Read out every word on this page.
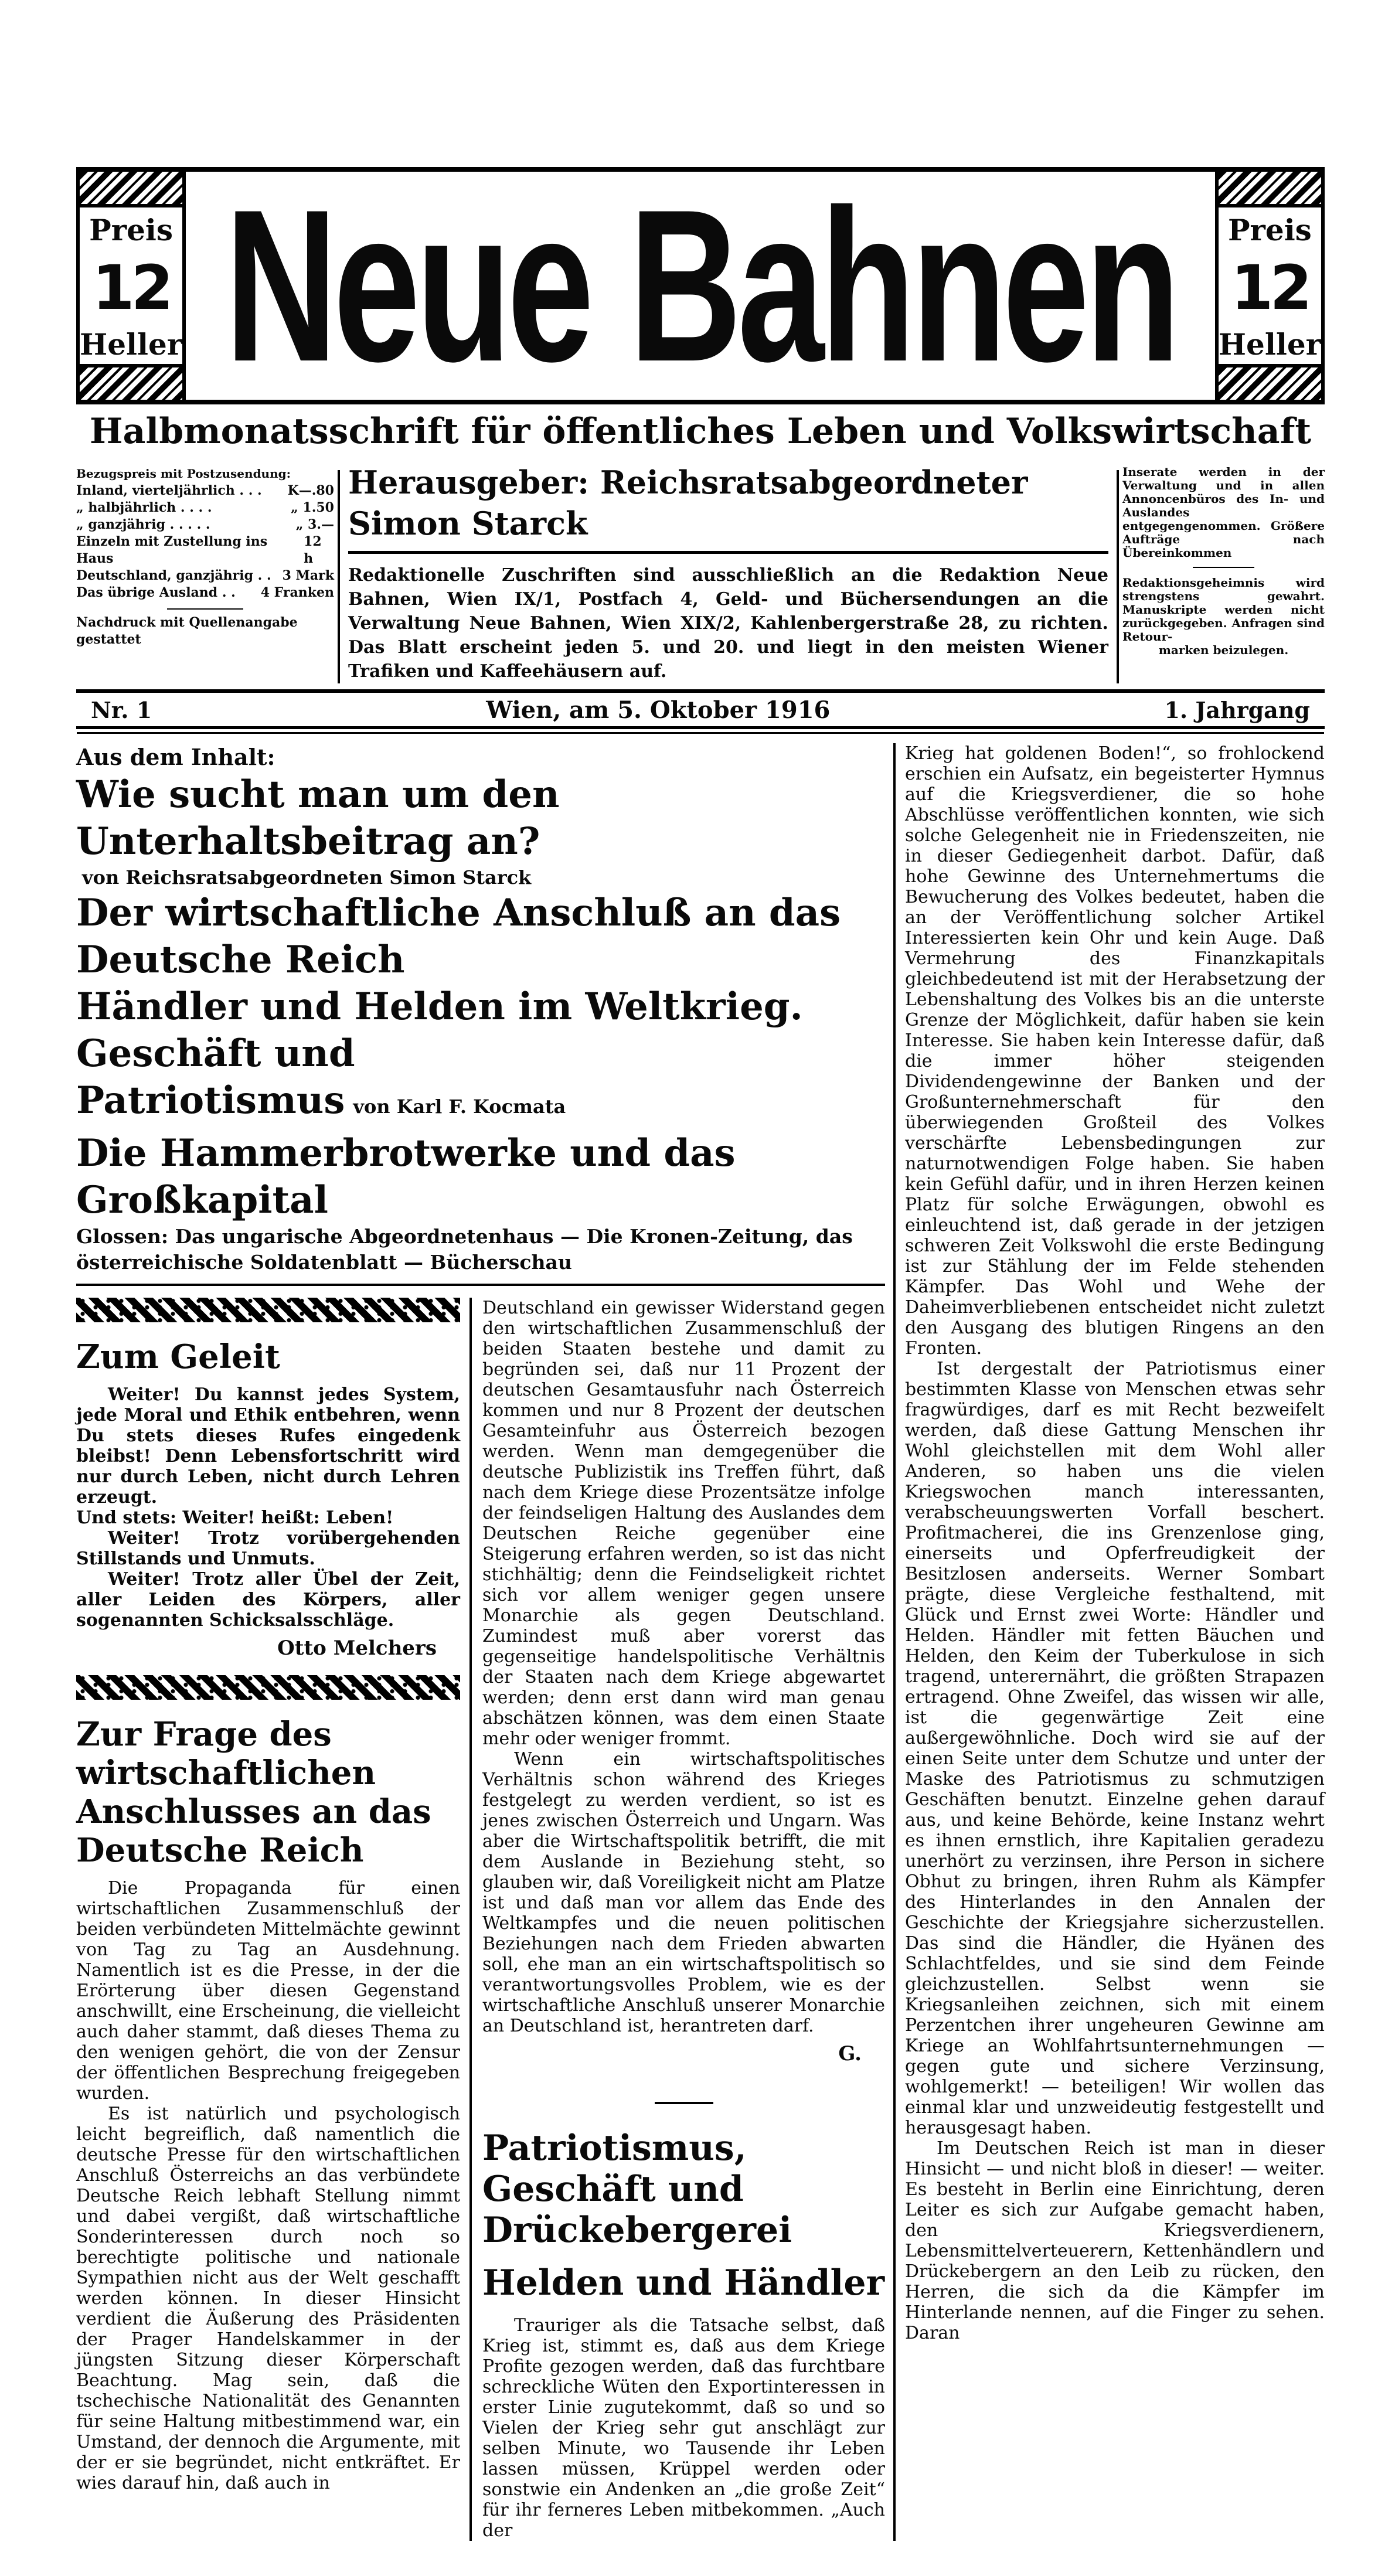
Preis
12
Heller Neue Bahnen Preis
12
Heller
Halbmonatsschrift für öffentliches Leben und Volkswirtschaft
Bezugspreis mit Postzusendung:
Inland, vierteljährlich . . . K—.80
„ halbjährlich . . . .	„ 1.50
„ ganzjährig . . . . .	„ 3.—
Einzeln mit Zustellung ins Haus
12 h
Deutschland, ganzjährig . . 3 Mark
Das übrige Ausland . . 4 Franken
Nachdruck mit Quellenangabe gestattet
Herausgeber: Reichsratsabgeordneter Simon Starck
Redaktionelle Zuschriften sind ausschließlich an die Redaktion Neue Bahnen, Wien IX/1, Postfach 4, Geld- und Büchersendungen an die Verwaltung Neue Bahnen, Wien XIX/2, Kahlenbergerstraße 28, zu richten. Das Blatt erscheint jeden 5. und 20. und liegt in den meisten Wiener Trafiken und Kaffeehäusern auf.
Inserate werden in der Verwaltung und in allen Annoncenbüros des In- und Auslandes entgegengenommen. Größere Aufträge nach Übereinkommen
Redaktionsgeheimnis wird strengstens gewahrt. Manuskripte werden nicht zurückgegeben. Anfragen sind Retour-
marken beizulegen.
Nr. 1	Wien, am 5. Oktober 1916	1. Jahrgang
Aus dem Inhalt:
Wie sucht man um den Unterhaltsbeitrag an?
von Reichsratsabgeordneten Simon Starck
Der wirtschaftliche Anschluß an das Deutsche Reich
Händler und Helden im Weltkrieg. Geschäft und
Patriotismus von Karl F. Kocmata
Die Hammerbrotwerke und das Großkapital
Glossen: Das ungarische Abgeordnetenhaus — Die Kronen-Zeitung, das österreichische Soldatenblatt — Bücherschau
Zum Geleit

Weiter! Du kannst jedes System, jede Moral und Ethik entbehren, wenn Du stets dieses Rufes eingedenk bleibst! Denn Lebensfortschritt wird nur durch Leben, nicht durch Lehren erzeugt.

Und stets: Weiter! heißt: Leben!

Weiter! Trotz vorübergehenden Stillstands und Unmuts.

Weiter! Trotz aller Übel der Zeit, aller Leiden des Körpers, aller sogenannten Schicksalsschläge.

Otto Melchers
Zur Frage des wirtschaftlichen Anschlusses an das Deutsche Reich

Die Propaganda für einen wirtschaftlichen Zusammenschluß der beiden verbündeten Mittelmächte gewinnt von Tag zu Tag an Ausdehnung. Namentlich ist es die Presse, in der die Erörterung über diesen Gegenstand anschwillt, eine Erscheinung, die vielleicht auch daher stammt, daß dieses Thema zu den wenigen gehört, die von der Zensur der öffentlichen Besprechung freigegeben wurden.

Es ist natürlich und psychologisch leicht begreiflich, daß namentlich die deutsche Presse für den wirtschaftlichen Anschluß Österreichs an das verbündete Deutsche Reich lebhaft Stellung nimmt und dabei vergißt, daß wirtschaftliche Sonderinteressen durch noch so berechtigte politische und nationale Sympathien nicht aus der Welt geschafft werden können. In dieser Hinsicht verdient die Äußerung des Präsidenten der Prager Handelskammer in der jüngsten Sitzung dieser Körperschaft Beachtung. Mag sein, daß die tschechische Nationalität des Genannten für seine Haltung mitbestimmend war, ein Umstand, der dennoch die Argumente, mit der er sie begründet, nicht entkräftet. Er wies darauf hin, daß auch in

Deutschland ein gewisser Widerstand gegen den wirtschaftlichen Zusammenschluß der beiden Staaten bestehe und damit zu begründen sei, daß nur 11 Prozent der deutschen Gesamtausfuhr nach Österreich kommen und nur 8 Prozent der deutschen Gesamteinfuhr aus Österreich bezogen werden. Wenn man demgegenüber die deutsche Publizistik ins Treffen führt, daß nach dem Kriege diese Prozentsätze infolge der feindseligen Haltung des Auslandes dem Deutschen Reiche gegenüber eine Steigerung erfahren werden, so ist das nicht stichhältig; denn die Feindseligkeit richtet sich vor allem weniger gegen unsere Monarchie als gegen Deutschland. Zumindest muß aber vorerst das gegenseitige handelspolitische Verhältnis der Staaten nach dem Kriege abgewartet werden; denn erst dann wird man genau abschätzen können, was dem einen Staate mehr oder weniger frommt.

Wenn ein wirtschaftspolitisches Verhältnis schon während des Krieges festgelegt zu werden verdient, so ist es jenes zwischen Österreich und Ungarn. Was aber die Wirtschaftspolitik betrifft, die mit dem Auslande in Beziehung steht, so glauben wir, daß Voreiligkeit nicht am Platze ist und daß man vor allem das Ende des Weltkampfes und die neuen politischen Beziehungen nach dem Frieden abwarten soll, ehe man an ein wirtschaftspolitisch so verantwortungsvolles Problem, wie es der wirtschaftliche Anschluß unserer Monarchie an Deutschland ist, herantreten darf.

G.
Patriotismus, Geschäft und Drückebergerei
Helden und Händler

Trauriger als die Tatsache selbst, daß Krieg ist, stimmt es, daß aus dem Kriege Profite gezogen werden, daß das furchtbare schreckliche Wüten den Exportinteressen in erster Linie zugutekommt, daß so und so Vielen der Krieg sehr gut anschlägt zur selben Minute, wo Tausende ihr Leben lassen müssen, Krüppel werden oder sonstwie ein Andenken an „die große Zeit“ für ihr ferneres Leben mitbekommen. „Auch der

Krieg hat goldenen Boden!“, so frohlockend erschien ein Aufsatz, ein begeisterter Hymnus auf die Kriegsverdiener, die so hohe Abschlüsse veröffentlichen konnten, wie sich solche Gelegenheit nie in Friedenszeiten, nie in dieser Gediegenheit darbot. Dafür, daß hohe Gewinne des Unternehmertums die Bewucherung des Volkes bedeutet, haben die an der Veröffentlichung solcher Artikel Interessierten kein Ohr und kein Auge. Daß Vermehrung des Finanzkapitals gleichbedeutend ist mit der Herabsetzung der Lebenshaltung des Volkes bis an die unterste Grenze der Möglichkeit, dafür haben sie kein Interesse. Sie haben kein Interesse dafür, daß die immer höher steigenden Dividendengewinne der Banken und der Großunternehmerschaft für den überwiegenden Großteil des Volkes verschärfte Lebensbedingungen zur naturnotwendigen Folge haben. Sie haben kein Gefühl dafür, und in ihren Herzen keinen Platz für solche Erwägungen, obwohl es einleuchtend ist, daß gerade in der jetzigen schweren Zeit Volkswohl die erste Bedingung ist zur Stählung der im Felde stehenden Kämpfer. Das Wohl und Wehe der Daheimverbliebenen entscheidet nicht zuletzt den Ausgang des blutigen Ringens an den Fronten.

Ist dergestalt der Patriotismus einer bestimmten Klasse von Menschen etwas sehr fragwürdiges, darf es mit Recht bezweifelt werden, daß diese Gattung Menschen ihr Wohl gleichstellen mit dem Wohl aller Anderen, so haben uns die vielen Kriegswochen manch interessanten, verabscheuungswerten Vorfall beschert. Profitmacherei, die ins Grenzenlose ging, einerseits und Opferfreudigkeit der Besitzlosen anderseits. Werner Sombart prägte, diese Vergleiche festhaltend, mit Glück und Ernst zwei Worte: Händler und Helden. Händler mit fetten Bäuchen und Helden, den Keim der Tuberkulose in sich tragend, unterernährt, die größten Strapazen ertragend. Ohne Zweifel, das wissen wir alle, ist die gegenwärtige Zeit eine außergewöhnliche. Doch wird sie auf der einen Seite unter dem Schutze und unter der Maske des Patriotismus zu schmutzigen Geschäften benutzt. Einzelne gehen darauf aus, und keine Behörde, keine Instanz wehrt es ihnen ernstlich, ihre Kapitalien geradezu unerhört zu verzinsen, ihre Person in sichere Obhut zu bringen, ihren Ruhm als Kämpfer des Hinterlandes in den Annalen der Geschichte der Kriegsjahre sicherzustellen. Das sind die Händler, die Hyänen des Schlachtfeldes, und sie sind dem Feinde gleichzustellen. Selbst wenn sie Kriegsanleihen zeichnen, sich mit einem Perzentchen ihrer ungeheuren Gewinne am Kriege an Wohlfahrtsunternehmungen — gegen gute und sichere Verzinsung, wohlgemerkt! — beteiligen! Wir wollen das einmal klar und unzweideutig festgestellt und herausgesagt haben.

Im Deutschen Reich ist man in dieser Hinsicht — und nicht bloß in dieser! — weiter. Es besteht in Berlin eine Einrichtung, deren Leiter es sich zur Aufgabe gemacht haben, den Kriegsverdienern, Lebensmittelverteuerern, Kettenhändlern und Drückebergern an den Leib zu rücken, den Herren, die sich da die Kämpfer im Hinterlande nennen, auf die Finger zu sehen. Daran
